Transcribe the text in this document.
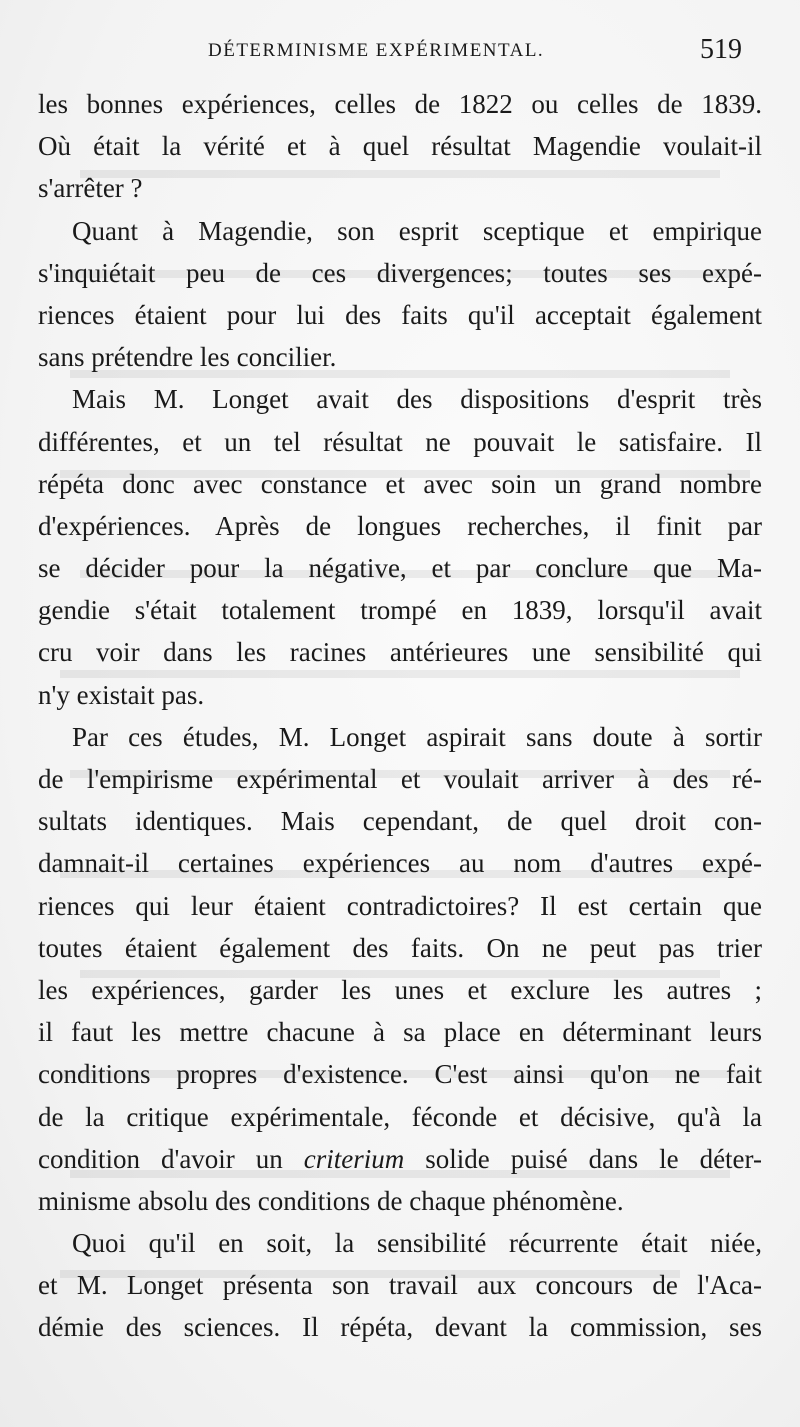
DÉTERMINISME EXPÉRIMENTAL.	519
les bonnes expériences, celles de 1822 ou celles de 1839.
Où était la vérité et à quel résultat Magendie voulait-il
s'arrêter ?
Quant à Magendie, son esprit sceptique et empirique
s'inquiétait peu de ces divergences; toutes ses expé-
riences étaient pour lui des faits qu'il acceptait également
sans prétendre les concilier.
Mais M. Longet avait des dispositions d'esprit très
différentes, et un tel résultat ne pouvait le satisfaire. Il
répéta donc avec constance et avec soin un grand nombre
d'expériences. Après de longues recherches, il finit par
se décider pour la négative, et par conclure que Ma-
gendie s'était totalement trompé en 1839, lorsqu'il avait
cru voir dans les racines antérieures une sensibilité qui
n'y existait pas.
Par ces études, M. Longet aspirait sans doute à sortir
de l'empirisme expérimental et voulait arriver à des ré-
sultats identiques. Mais cependant, de quel droit con-
damnait-il certaines expériences au nom d'autres expé-
riences qui leur étaient contradictoires? Il est certain que
toutes étaient également des faits. On ne peut pas trier
les expériences, garder les unes et exclure les autres ;
il faut les mettre chacune à sa place en déterminant leurs
conditions propres d'existence. C'est ainsi qu'on ne fait
de la critique expérimentale, féconde et décisive, qu'à la
condition d'avoir un criterium solide puisé dans le déter-
minisme absolu des conditions de chaque phénomène.
Quoi qu'il en soit, la sensibilité récurrente était niée,
et M. Longet présenta son travail aux concours de l'Aca-
démie des sciences. Il répéta, devant la commission, ses
